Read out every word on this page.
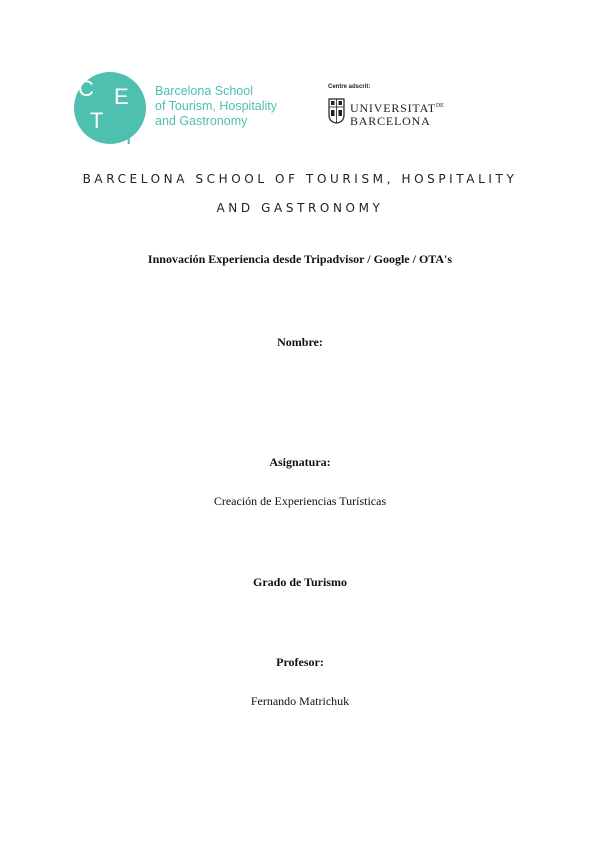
C E
T
T
Barcelona School
of Tourism, Hospitality
and Gastronomy
Centre adscrit:
$UNIVERSITAT^{DE}$
BARCELONA
BARCELONA SCHOOL OF TOURISM, HOSPITALITY
AND GASTRONOMY
Innovación Experiencia desde Tripadvisor / Google / OTA's
Nombre:
Asignatura:
Creación de Experiencias Turísticas
Grado de Turismo
Profesor:
Fernando Matrichuk
